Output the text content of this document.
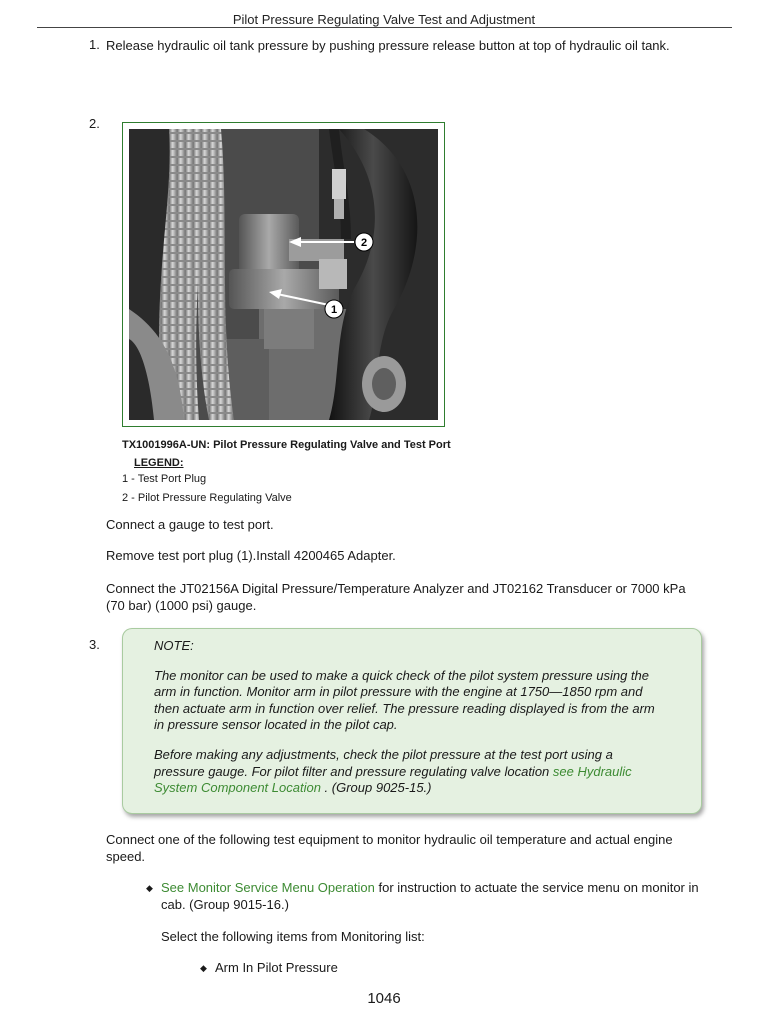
Pilot Pressure Regulating Valve Test and Adjustment
1. Release hydraulic oil tank pressure by pushing pressure release button at top of hydraulic oil tank.
2.
2
1
TX1001996A-UN: Pilot Pressure Regulating Valve and Test Port
LEGEND:
1 - Test Port Plug
2 - Pilot Pressure Regulating Valve
Connect a gauge to test port.
Remove test port plug (1).Install 4200465 Adapter.
Connect the JT02156A Digital Pressure/Temperature Analyzer and JT02162 Transducer or 7000 kPa
(70 bar) (1000 psi) gauge.
3.	NOTE:
The monitor can be used to make a quick check of the pilot system pressure using the
arm in function. Monitor arm in pilot pressure with the engine at 1750—1850 rpm and
then actuate arm in function over relief. The pressure reading displayed is from the arm
in pressure sensor located in the pilot cap.
Before making any adjustments, check the pilot pressure at the test port using a
pressure gauge. For pilot filter and pressure regulating valve location see Hydraulic
System Component Location . (Group 9025-15.)
Connect one of the following test equipment to monitor hydraulic oil temperature and actual engine
speed.
◆ See Monitor Service Menu Operation for instruction to actuate the service menu on monitor in
cab. (Group 9015-16.)
Select the following items from Monitoring list:
◆ Arm In Pilot Pressure
1046
